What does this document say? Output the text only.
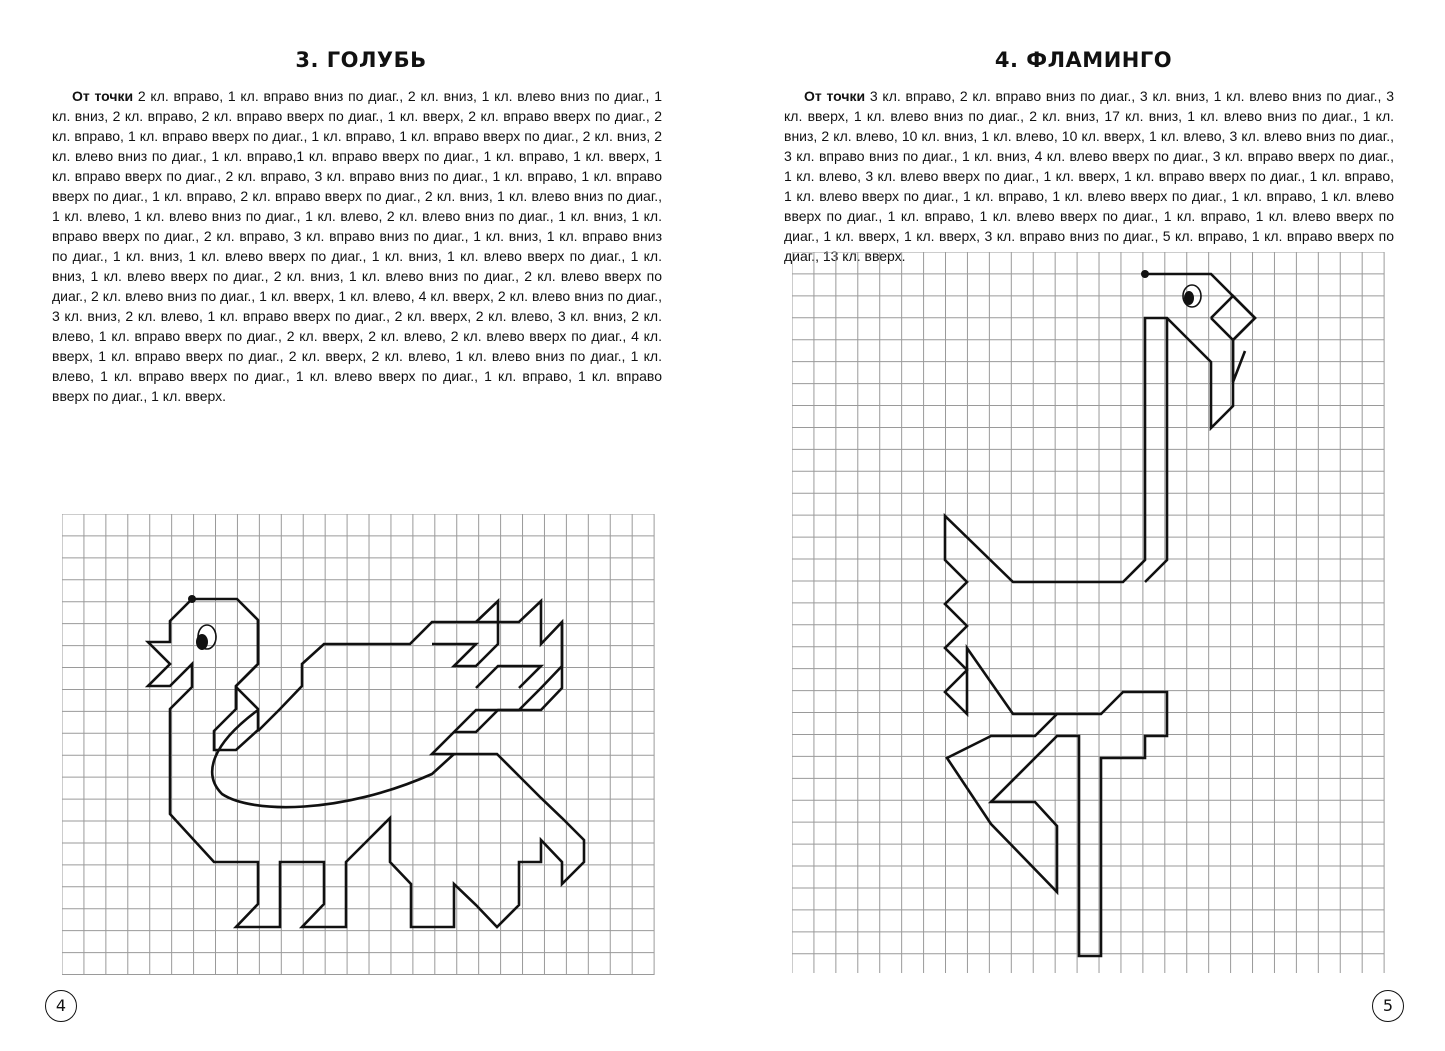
3. ГОЛУБЬ

От точки 2 кл. вправо, 1 кл. вправо вниз по диаг., 2 кл. вниз, 1 кл. влево вниз по диаг., 1 кл. вниз, 2 кл. вправо, 2 кл. вправо вверх по диаг., 1 кл. вверх, 2 кл. вправо вверх по диаг., 2 кл. вправо, 1 кл. вправо вверх по диаг., 1 кл. вправо, 1 кл. вправо вверх по диаг., 2 кл. вниз, 2 кл. влево вниз по диаг., 1 кл. вправо,1 кл. вправо вверх по диаг., 1 кл. вправо, 1 кл. вверх, 1 кл. вправо вверх по диаг., 2 кл. вправо, 3 кл. вправо вниз по диаг., 1 кл. вправо, 1 кл. вправо вверх по диаг., 1 кл. вправо, 2 кл. вправо вверх по диаг., 2 кл. вниз, 1 кл. влево вниз по диаг., 1 кл. влево, 1 кл. влево вниз по диаг., 1 кл. влево, 2 кл. влево вниз по диаг., 1 кл. вниз, 1 кл. вправо вверх по диаг., 2 кл. вправо, 3 кл. вправо вниз по диаг., 1 кл. вниз, 1 кл. вправо вниз по диаг., 1 кл. вниз, 1 кл. влево вверх по диаг., 1 кл. вниз, 1 кл. влево вверх по диаг., 1 кл. вниз, 1 кл. влево вверх по диаг., 2 кл. вниз, 1 кл. влево вниз по диаг., 2 кл. влево вверх по диаг., 2 кл. влево вниз по диаг., 1 кл. вверх, 1 кл. влево, 4 кл. вверх, 2 кл. влево вниз по диаг., 3 кл. вниз, 2 кл. влево, 1 кл. вправо вверх по диаг., 2 кл. вверх, 2 кл. влево, 3 кл. вниз, 2 кл. влево, 1 кл. вправо вверх по диаг., 2 кл. вверх, 2 кл. влево, 2 кл. влево вверх по диаг., 4 кл. вверх, 1 кл. вправо вверх по диаг., 2 кл. вверх, 2 кл. влево, 1 кл. влево вниз по диаг., 1 кл. влево, 1 кл. вправо вверх по диаг., 1 кл. влево вверх по диаг., 1 кл. вправо, 1 кл. вправо вверх по диаг., 1 кл. вверх.

4
4. ФЛАМИНГО

От точки 3 кл. вправо, 2 кл. вправо вниз по диаг., 3 кл. вниз, 1 кл. влево вниз по диаг., 3 кл. вверх, 1 кл. влево вниз по диаг., 2 кл. вниз, 17 кл. вниз, 1 кл. влево вниз по диаг., 1 кл. вниз, 2 кл. влево, 10 кл. вниз, 1 кл. влево, 10 кл. вверх, 1 кл. влево, 3 кл. влево вниз по диаг., 3 кл. вправо вниз по диаг., 1 кл. вниз, 4 кл. влево вверх по диаг., 3 кл. вправо вверх по диаг., 1 кл. влево, 3 кл. влево вверх по диаг., 1 кл. вверх, 1 кл. вправо вверх по диаг., 1 кл. вправо, 1 кл. влево вверх по диаг., 1 кл. вправо, 1 кл. влево вверх по диаг., 1 кл. вправо, 1 кл. влево вверх по диаг., 1 кл. вправо, 1 кл. влево вверх по диаг., 1 кл. вправо, 1 кл. влево вверх по диаг., 1 кл. вверх, 1 кл. вверх, 3 кл. вправо вниз по диаг., 5 кл. вправо, 1 кл. вправо вверх по диаг., 13 кл. вверх.

5
